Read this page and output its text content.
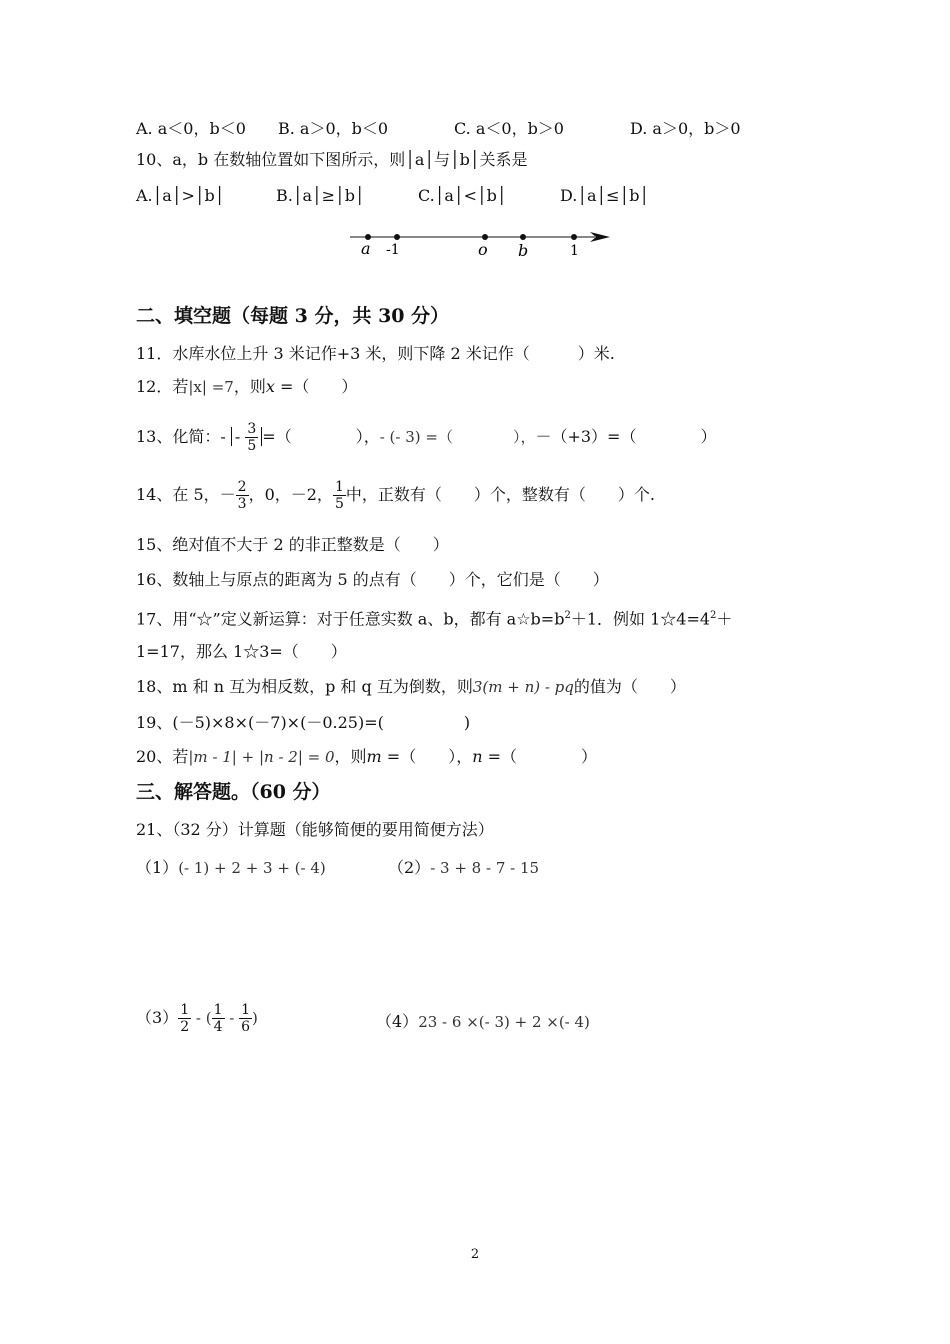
A. a＜0，b＜0 B. a＞0，b＜0	C. a＜0，b＞0	D. a＞0，b＞0
10、a，b 在数轴位置如下图所示，则│a│与│b│关系是
A.│a│>│b│	B.│a│≥│b│	C.│a│<│b│	D.│a│≤│b│
a -1	o b	1
二、填空题（每题 3 分，共 30 分）
11．水库水位上升 3 米记作+3 米，则下降 2 米记作（　　　）米.
12．若|x| =7，则x =（　　）
13、化简：- - $\frac{3}{5}$ =（　　　　），- (- 3) =（　　　　），－（+3）=（　　　　）
14、在 5，－ $\frac{2}{3}$ ，0，－2， $\frac{1}{5}$ 中，正数有（　　）个，整数有（　　）个.
15、绝对值不大于 2 的非正整数是（　　）
16、数轴上与原点的距离为 5 的点有（　　）个，它们是（　　）
17、用“☆”定义新运算：对于任意实数 a、b，都有 $a☆b=b^2+1$．例如 $1☆4=4^2+$
1=17，那么 1☆3=（　　）
18、m 和 n 互为相反数，p 和 q 互为倒数，则3(m + n) - pq的值为（　　）
19、(－5)×8×(－7)×(－0.25)=(　　　　　)
20、若|m - 1| + |n - 2| = 0，则m =（　　），n =（　　　　）
三、解答题。（60 分）
21、（32 分）计算题（能够简便的要用简便方法）
（1）(- 1) + 2 + 3 + (- 4)	（2）- 3 + 8 - 7 - 15
$(3) \frac{1}{2}$ - ( $\frac{1}{4} - \frac{1}{6}$ )	（4）23 - 6 ×(- 3) + 2 ×(- 4)
2
